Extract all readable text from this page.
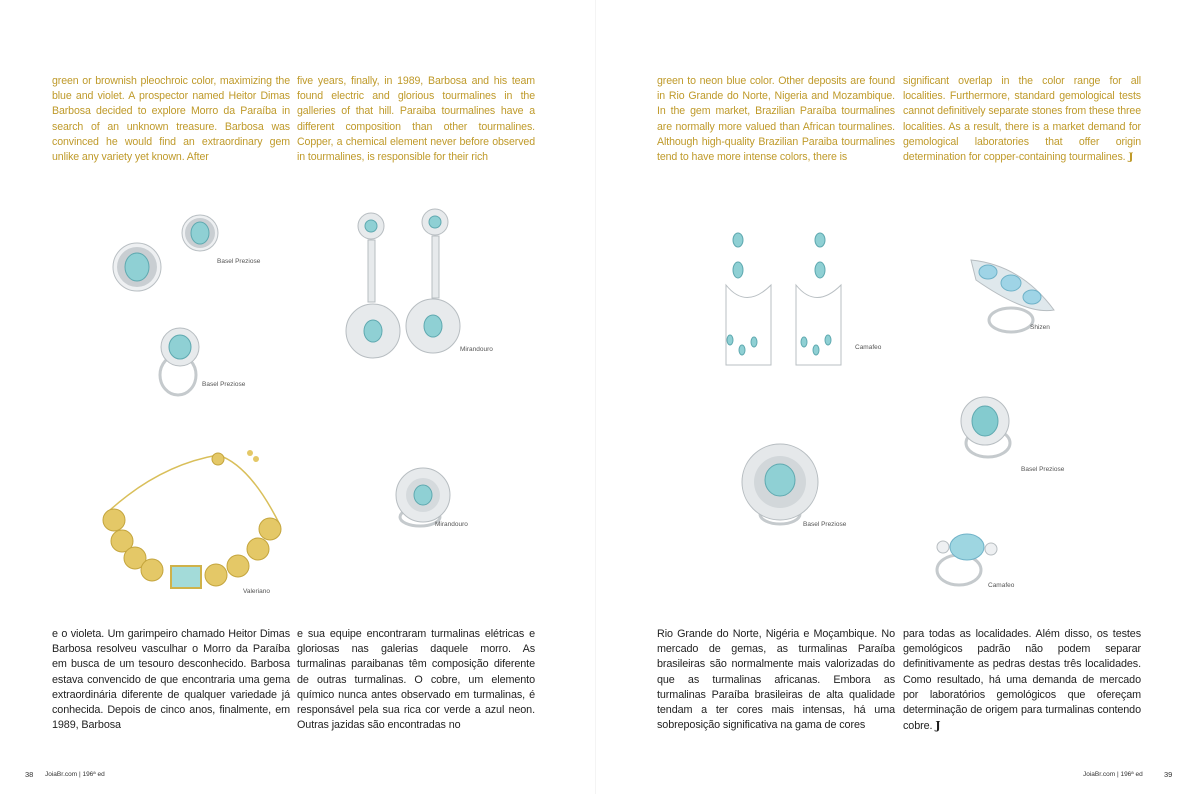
green or brownish pleochroic color, maximizing the blue and violet. A prospector named Heitor Dimas Barbosa decided to explore Morro da Paraíba in search of an unknown treasure. Barbosa was convinced he would find an extraordinary gem unlike any variety yet known. After
five years, finally, in 1989, Barbosa and his team found electric and glorious tourmalines in the galleries of that hill. Paraiba tourmalines have a different composition than other tourmalines. Copper, a chemical element never before observed in tourmalines, is responsible for their rich
Basel Preziose
Basel Preziose
Mirandouro
Valeriano
Mirandouro
e o violeta. Um garimpeiro chamado Heitor Dimas Barbosa resolveu vasculhar o Morro da Paraíba em busca de um tesouro desconhecido. Barbosa estava convencido de que encontraria uma gema extraordinária diferente de qualquer variedade já conhecida. Depois de cinco anos, finalmente, em 1989, Barbosa
e sua equipe encontraram turmalinas elétricas e gloriosas nas galerias daquele morro. As turmalinas paraibanas têm composição diferente de outras turmalinas. O cobre, um elemento químico nunca antes observado em turmalinas, é responsável pela sua rica cor verde a azul neon. Outras jazidas são encontradas no
38 JoiaBr.com | 196ª ed
green to neon blue color. Other deposits are found in Rio Grande do Norte, Nigeria and Mozambique. In the gem market, Brazilian Paraíba tourmalines are normally more valued than African tourmalines. Although high-quality Brazilian Paraiba tourmalines tend to have more intense colors, there is
significant overlap in the color range for all localities. Furthermore, standard gemological tests cannot definitively separate stones from these three localities. As a result, there is a market demand for gemological laboratories that offer origin determination for copper-containing tourmalines. J
Camafeo
Shizen
Basel Preziose
Basel Preziose
Camafeo
Rio Grande do Norte, Nigéria e Moçambique. No mercado de gemas, as turmalinas Paraíba brasileiras são normalmente mais valorizadas do que as turmalinas africanas. Embora as turmalinas Paraíba brasileiras de alta qualidade tendam a ter cores mais intensas, há uma sobreposição significativa na gama de cores
para todas as localidades. Além disso, os testes gemológicos padrão não podem separar definitivamente as pedras destas três localidades. Como resultado, há uma demanda de mercado por laboratórios gemológicos que ofereçam determinação de origem para turmalinas contendo cobre. J
JoiaBr.com | 196ª ed	39
